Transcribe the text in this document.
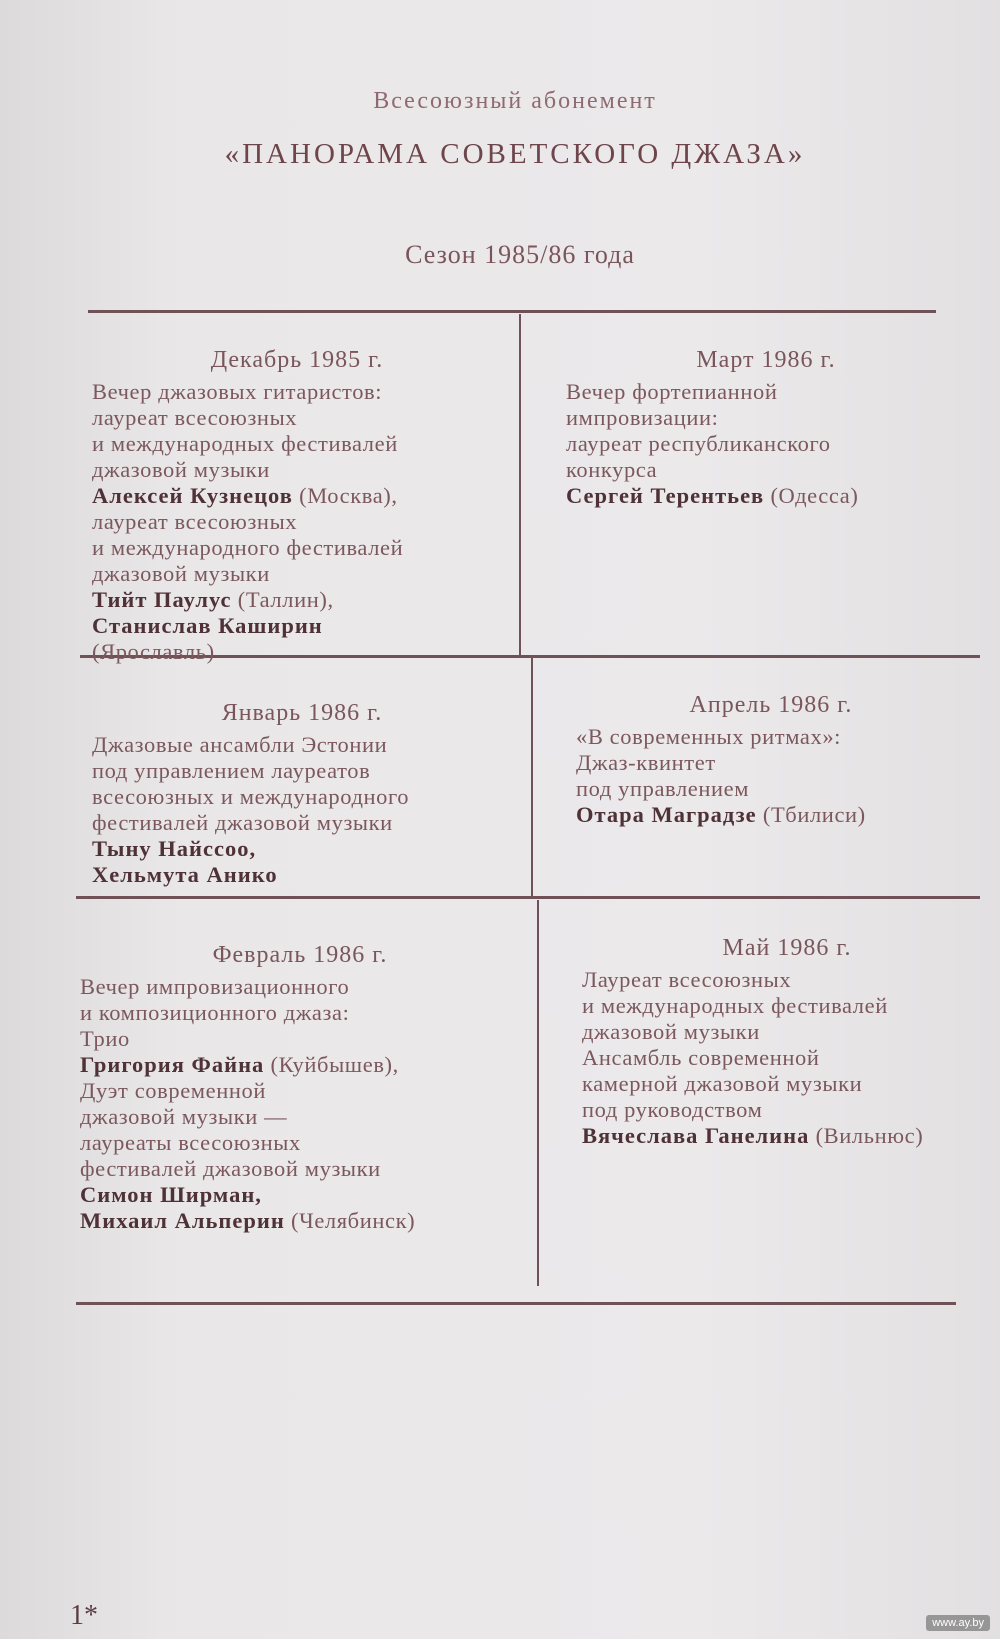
Всесоюзный абонемент
«ПАНОРАМА СОВЕТСКОГО ДЖАЗА»
Сезон 1985/86 года
Декабрь 1985 г.
Вечер джазовых гитаристов:
лауреат всесоюзных
и международных фестивалей
джазовой музыки
Алексей Кузнецов (Москва),
лауреат всесоюзных
и международного фестивалей
джазовой музыки
Тийт Паулус (Таллин),
Станислав Каширин
(Ярославль)
Март 1986 г.
Вечер фортепианной
импровизации:
лауреат республиканского
конкурса
Сергей Терентьев (Одесса)
Январь 1986 г.
Джазовые ансамбли Эстонии
под управлением лауреатов
всесоюзных и международного
фестивалей джазовой музыки
Тыну Найссоо,
Хельмута Анико
Апрель 1986 г.
«В современных ритмах»:
Джаз-квинтет
под управлением
Отара Маградзе (Тбилиси)
Февраль 1986 г.
Вечер импровизационного
и композиционного джаза:
Трио
Григория Файна (Куйбышев),
Дуэт современной
джазовой музыки —
лауреаты всесоюзных
фестивалей джазовой музыки
Симон Ширман,
Михаил Альперин (Челябинск)
Май 1986 г.
Лауреат всесоюзных
и международных фестивалей
джазовой музыки
Ансамбль современной
камерной джазовой музыки
под руководством
Вячеслава Ганелина (Вильнюс)
1*	www.ay.by
